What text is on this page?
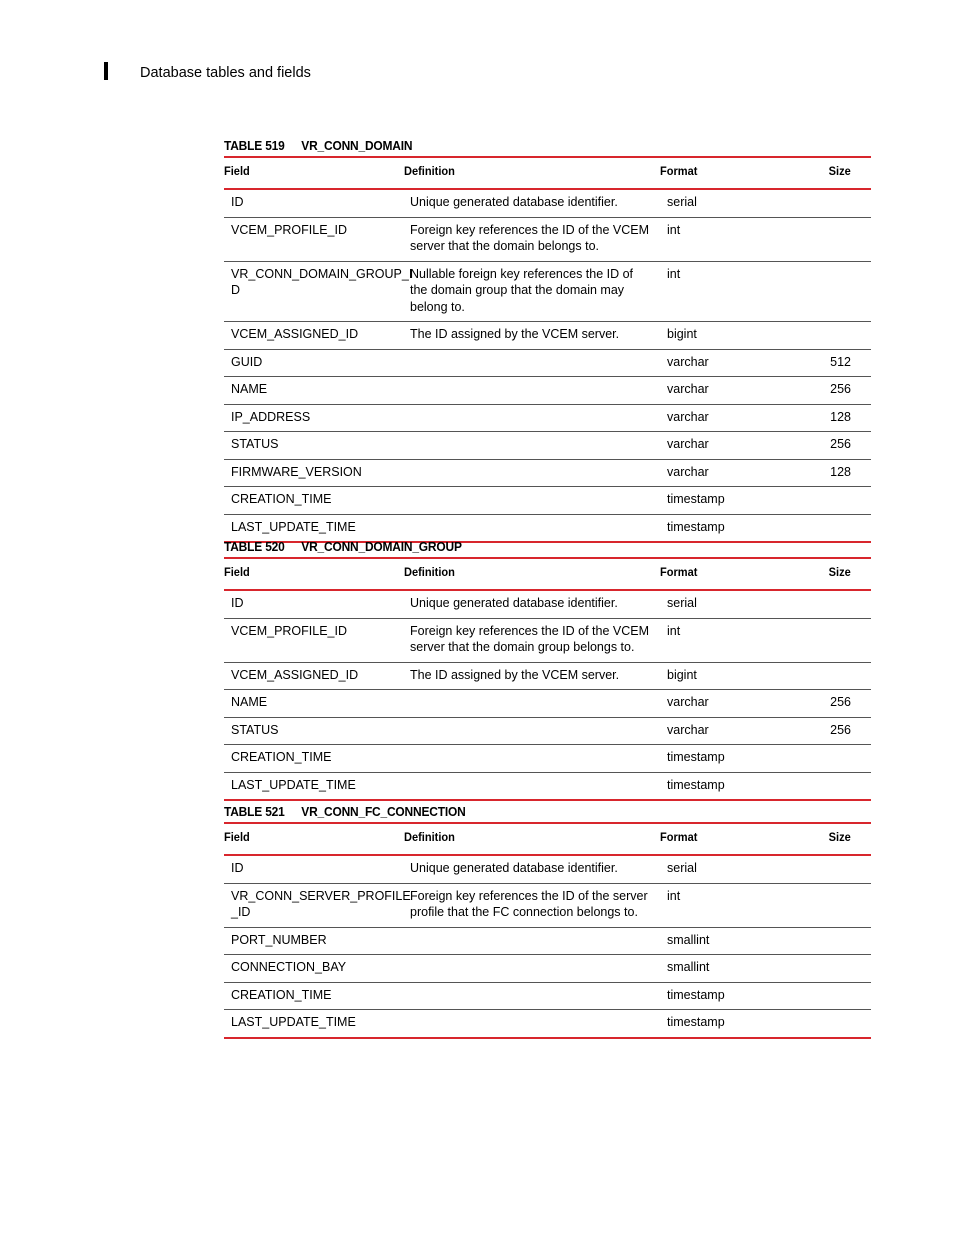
Database tables and fields
TABLE 519 VR_CONN_DOMAIN
Field	Definition	Format	Size
ID	Unique generated database identifier.	serial	
VCEM_PROFILE_ID	Foreign key references the ID of the VCEM server that the domain belongs to.	int	
VR_CONN_DOMAIN_GROUP_I D	Nullable foreign key references the ID of the domain group that the domain may belong to.	int	
VCEM_ASSIGNED_ID	The ID assigned by the VCEM server.	bigint	
GUID		varchar	512
NAME		varchar	256
IP_ADDRESS		varchar	128
STATUS		varchar	256
FIRMWARE_VERSION		varchar	128
CREATION_TIME		timestamp	
LAST_UPDATE_TIME		timestamp	
TABLE 520 VR_CONN_DOMAIN_GROUP
Field	Definition	Format	Size
ID	Unique generated database identifier.	serial	
VCEM_PROFILE_ID	Foreign key references the ID of the VCEM server that the domain group belongs to.	int	
VCEM_ASSIGNED_ID	The ID assigned by the VCEM server.	bigint	
NAME		varchar	256
STATUS		varchar	256
CREATION_TIME		timestamp	
LAST_UPDATE_TIME		timestamp	
TABLE 521 VR_CONN_FC_CONNECTION
Field	Definition	Format	Size
ID	Unique generated database identifier.	serial	
VR_CONN_SERVER_PROFILE _ID	Foreign key references the ID of the server profile that the FC connection belongs to.	int	
PORT_NUMBER		smallint	
CONNECTION_BAY		smallint	
CREATION_TIME		timestamp	
LAST_UPDATE_TIME		timestamp	
